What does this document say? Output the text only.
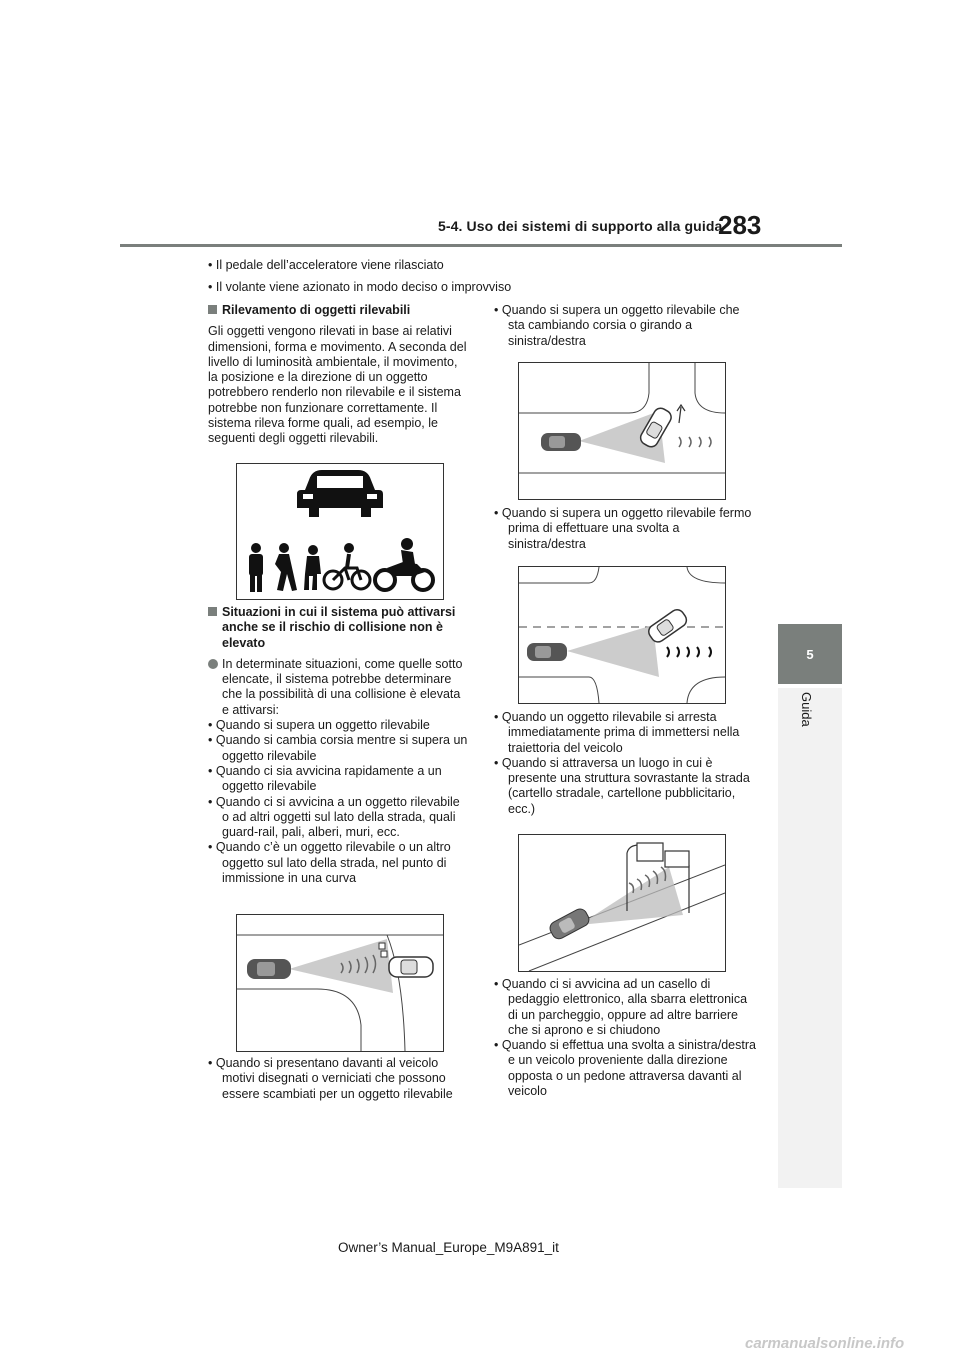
5-4. Uso dei sistemi di supporto alla guida
283
5
Guida
• Il pedale dell’acceleratore viene rilasciato
• Il volante viene azionato in modo deciso o improvviso
Rilevamento di oggetti rilevabili
Gli oggetti vengono rilevati in base ai relativi dimensioni, forma e movimento. A seconda del livello di luminosità ambientale, il movimento, la posizione e la direzione di un oggetto potrebbero renderlo non rilevabile e il sistema potrebbe non funzionare correttamente. Il sistema rileva forme quali, ad esempio, le seguenti degli oggetti rilevabili.
Situazioni in cui il sistema può attivarsi anche se il rischio di collisione non è elevato
In determinate situazioni, come quelle sotto elencate, il sistema potrebbe determinare che la possibilità di una collisione è elevata e attivarsi:
• Quando si supera un oggetto rilevabile
• Quando si cambia corsia mentre si supera un oggetto rilevabile
• Quando ci sia avvicina rapidamente a un oggetto rilevabile
• Quando ci si avvicina a un oggetto rilevabile o ad altri oggetti sul lato della strada, quali guard-rail, pali, alberi, muri, ecc.
• Quando c’è un oggetto rilevabile o un altro oggetto sul lato della strada, nel punto di immissione in una curva
• Quando si presentano davanti al veicolo motivi disegnati o verniciati che possono essere scambiati per un oggetto rilevabile
• Quando si supera un oggetto rilevabile che sta cambiando corsia o girando a sinistra/destra
• Quando si supera un oggetto rilevabile fermo prima di effettuare una svolta a sinistra/destra
• Quando un oggetto rilevabile si arresta immediatamente prima di immettersi nella traiettoria del veicolo
• Quando si attraversa un luogo in cui è presente una struttura sovrastante la strada (cartello stradale, cartellone pubblicitario, ecc.)
• Quando ci si avvicina ad un casello di pedaggio elettronico, alla sbarra elettronica di un parcheggio, oppure ad altre barriere che si aprono e si chiudono
• Quando si effettua una svolta a sinistra/destra e un veicolo proveniente dalla direzione opposta o un pedone attraversa davanti al veicolo
Owner’s Manual_Europe_M9A891_it
carmanualsonline.info
